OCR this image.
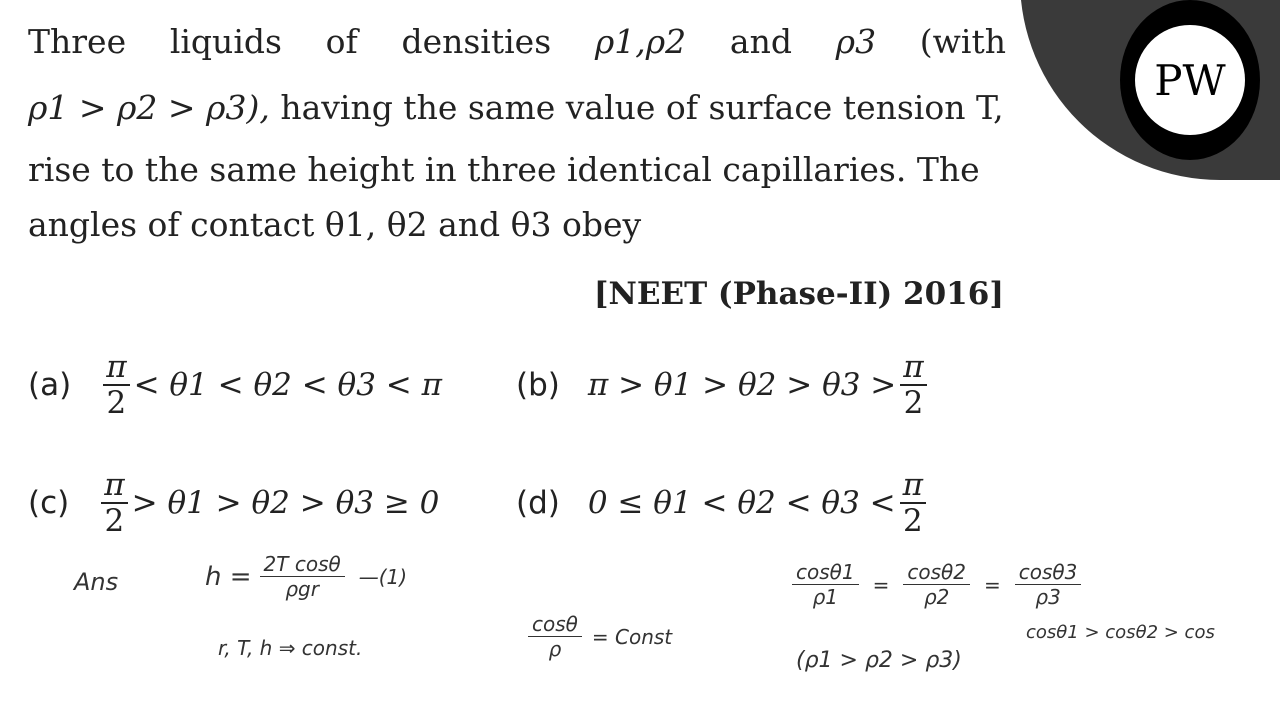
PW
Three liquids of densities ρ1,ρ2 and ρ3 (with
ρ1 > ρ2 > ρ3), having the same value of surface tension T,
rise to the same height in three identical capillaries. The
angles of contact θ1, θ2 and θ3 obey
[NEET (Phase-II) 2016]
$(a) \frac{\pi}{2} < \theta 1 < \theta 2 < \theta 3 < \pi$ (b) $\pi > \theta 1 > \theta 2 > \theta 3 > \frac{\pi}{2}$
$(c) \frac{\pi}{2} > \theta 1 > \theta 2 > \theta 3 \ge 0$ (d) $0 \le \theta 1 < \theta 2 < \theta 3 < \frac{\pi}{2}$
Ans	h = 2T cosθ
ρgr
—(1)
r, T, h ⇒ const.	$\frac{\cos\theta}{\rho}$ = Const
$\frac{\cos\theta 1}{\rho 1} = \frac{\cos\theta 2}{\rho 2} = \frac{\cos\theta 3}{\rho 3}$
(ρ1 > ρ2 > ρ3)
cosθ1 > cosθ2 > cos
